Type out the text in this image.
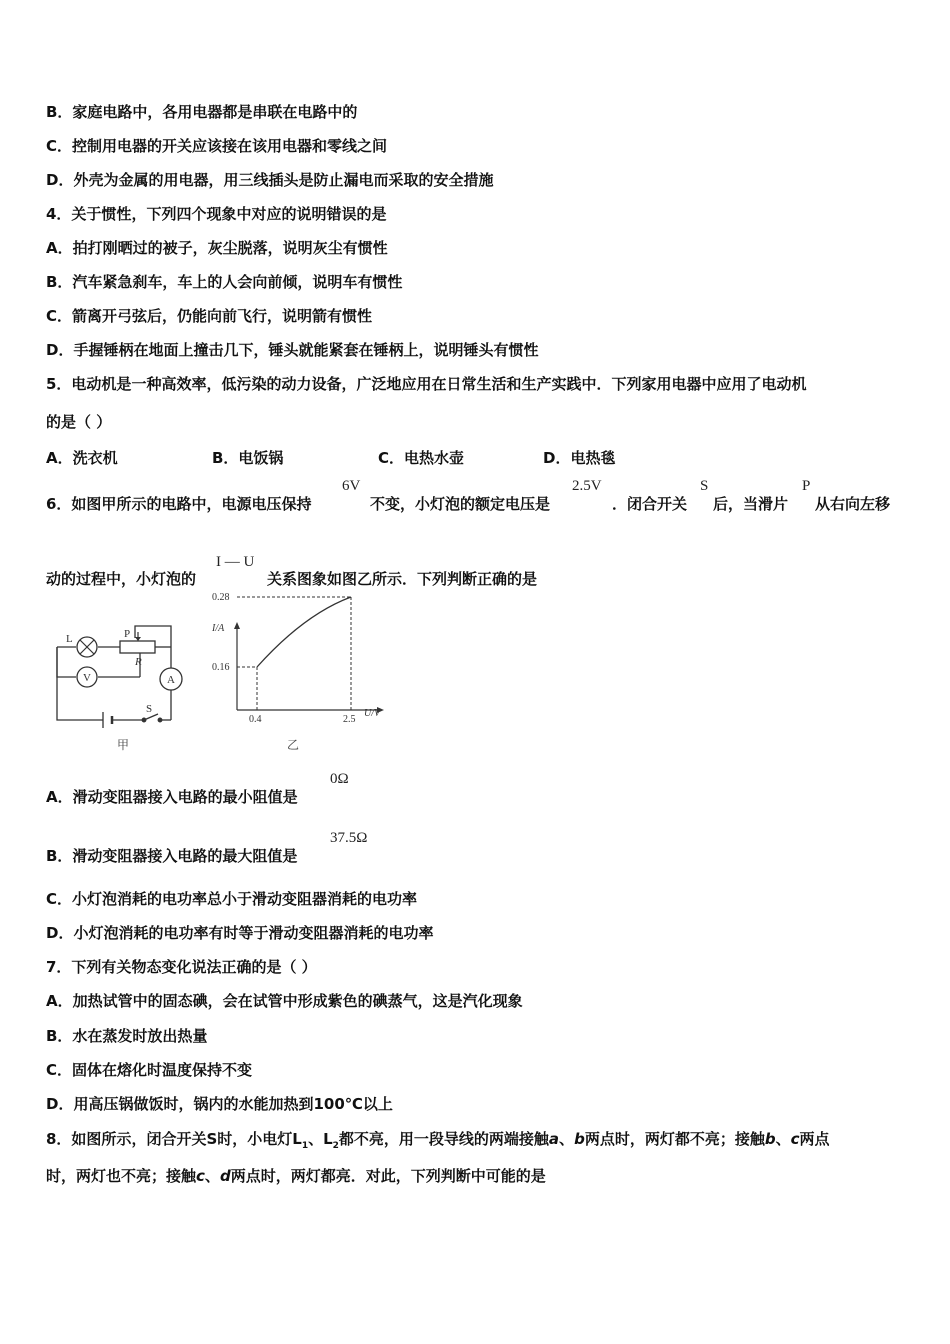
B．家庭电路中，各用电器都是串联在电路中的
C．控制用电器的开关应该接在该用电器和零线之间
D．外壳为金属的用电器，用三线插头是防止漏电而采取的安全措施
4．关于惯性，下列四个现象中对应的说明错误的是
A．拍打刚晒过的被子，灰尘脱落，说明灰尘有惯性
B．汽车紧急刹车，车上的人会向前倾，说明车有惯性
C．箭离开弓弦后，仍能向前飞行，说明箭有惯性
D．手握锤柄在地面上撞击几下，锤头就能紧套在锤柄上，说明锤头有惯性
5．电动机是一种高效率，低污染的动力设备，广泛地应用在日常生活和生产实践中．下列家用电器中应用了电动机
的是（ ）
A．洗衣机	B．电饭锅	C．电热水壶	D．电热毯
6．如图甲所示的电路中，电源电压保持
6V
不变，小灯泡的额定电压是
2.5V
．闭合开关
S
后，当滑片
P
从右向左移
动的过程中，小灯泡的
I — U
关系图象如图乙所示．下列判断正确的是
L	P
R
V	A
S
甲
I/A
U/V
0.28
0.16
0.4	2.5
乙
A．滑动变阻器接入电路的最小阻值是
0Ω
B．滑动变阻器接入电路的最大阻值是
37.5Ω
C．小灯泡消耗的电功率总小于滑动变阻器消耗的电功率
D．小灯泡消耗的电功率有时等于滑动变阻器消耗的电功率
7．下列有关物态变化说法正确的是（ ）
A．加热试管中的固态碘，会在试管中形成紫色的碘蒸气，这是汽化现象
B．水在蒸发时放出热量
C．固体在熔化时温度保持不变
D．用高压锅做饭时，锅内的水能加热到100℃以上
8．如图所示，闭合开关S时，小电灯$L_1$、$L_2$都不亮，用一段导线的两端接触a、b两点时，两灯都不亮；接触b、c两点
时，两灯也不亮；接触c、d两点时，两灯都亮．对此，下列判断中可能的是
